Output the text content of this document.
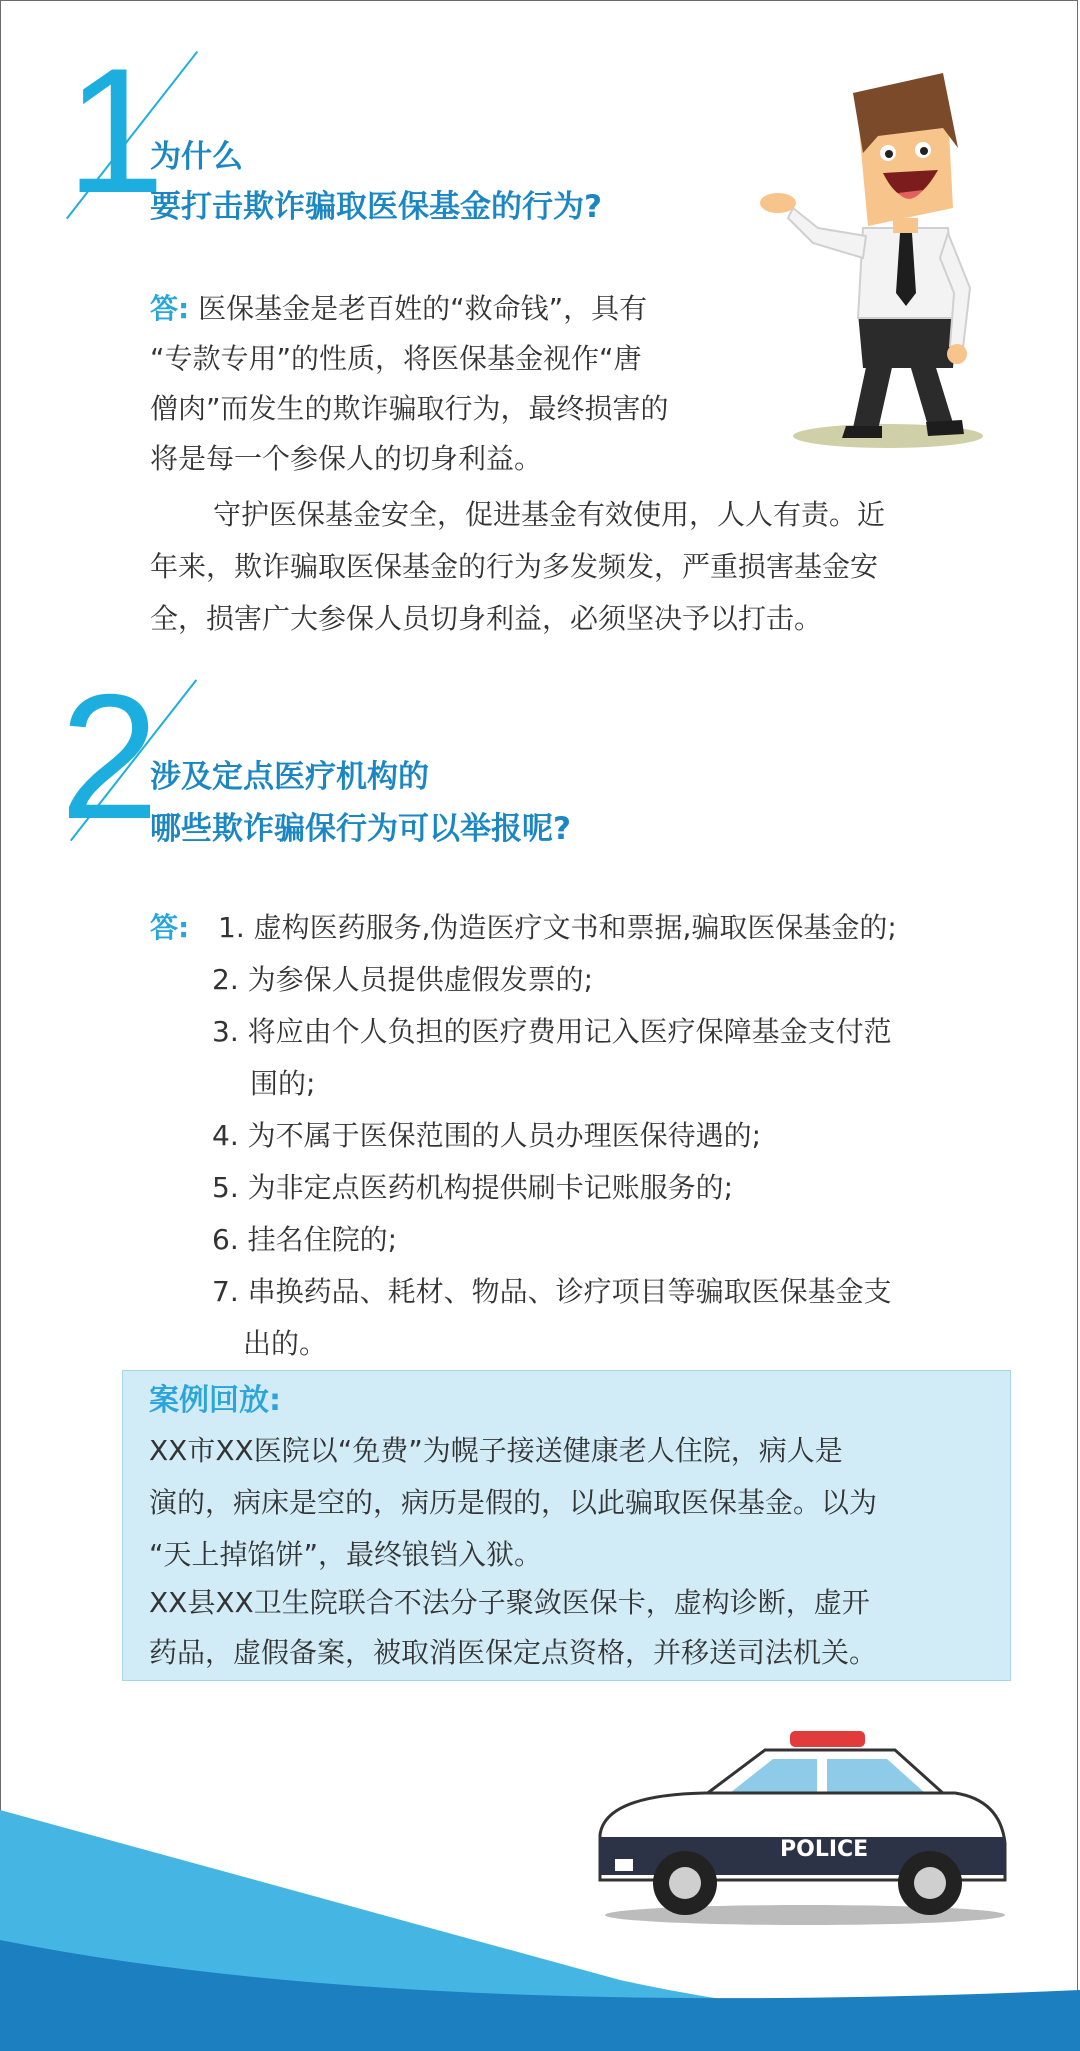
1
为什么
要打击欺诈骗取医保基金的行为?
答: 医保基金是老百姓的“救命钱”，具有
“专款专用”的性质，将医保基金视作“唐
僧肉”而发生的欺诈骗取行为，最终损害的
将是每一个参保人的切身利益。
守护医保基金安全，促进基金有效使用，人人有责。近
年来，欺诈骗取医保基金的行为多发频发，严重损害基金安
全，损害广大参保人员切身利益，必须坚决予以打击。
2
涉及定点医疗机构的
哪些欺诈骗保行为可以举报呢?
答: 1. 虚构医药服务,伪造医疗文书和票据,骗取医保基金的;
2. 为参保人员提供虚假发票的;
3. 将应由个人负担的医疗费用记入医疗保障基金支付范
围的;
4. 为不属于医保范围的人员办理医保待遇的;
5. 为非定点医药机构提供刷卡记账服务的;
6. 挂名住院的;
7. 串换药品、耗材、物品、诊疗项目等骗取医保基金支
出的。
案例回放:
XX市XX医院以“免费”为幌子接送健康老人住院，病人是
演的，病床是空的，病历是假的，以此骗取医保基金。以为
“天上掉馅饼”，最终锒铛入狱。
XX县XX卫生院联合不法分子聚敛医保卡，虚构诊断，虚开
药品，虚假备案，被取消医保定点资格，并移送司法机关。
POLICE
